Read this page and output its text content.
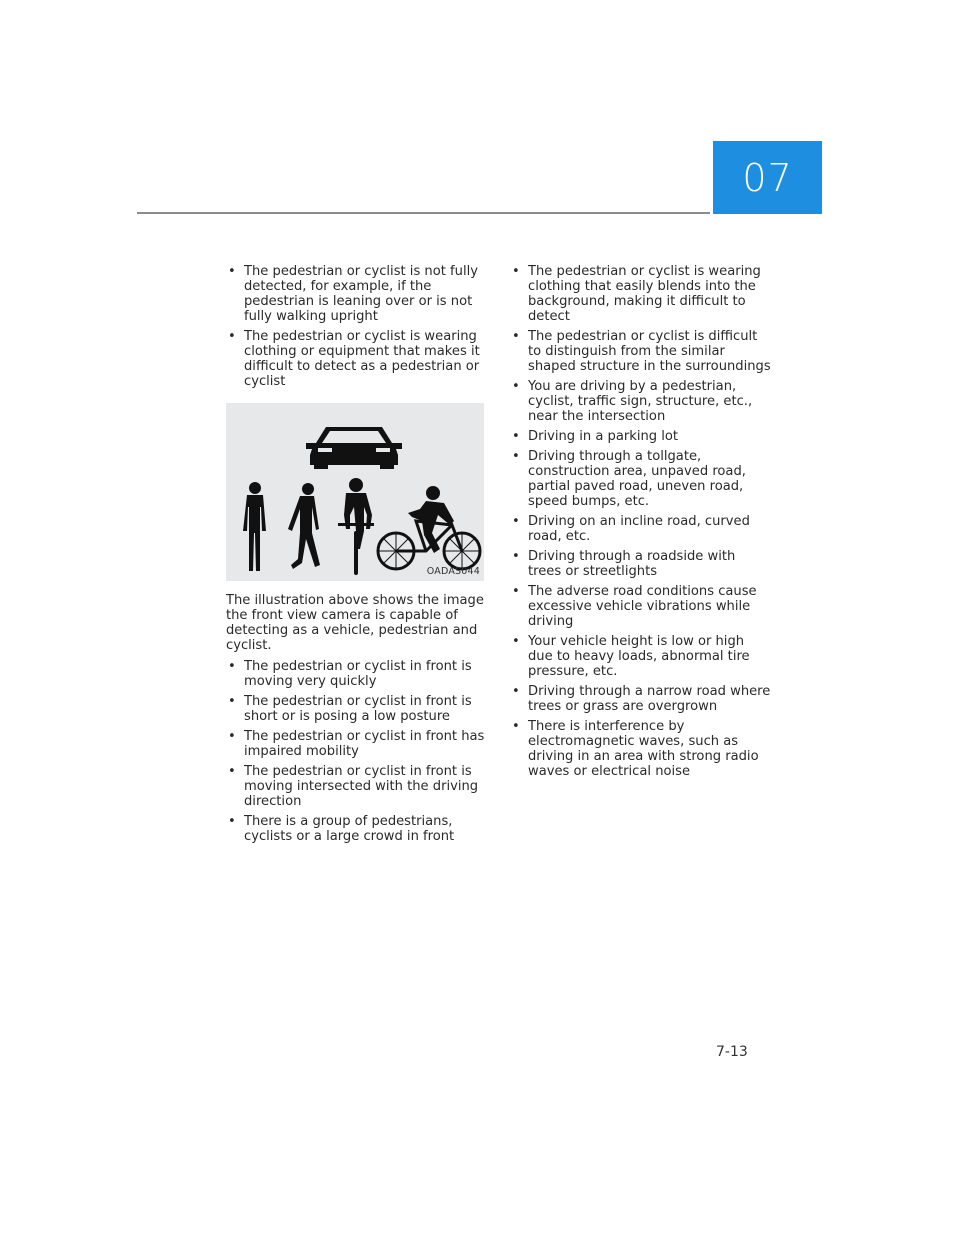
07
• The pedestrian or cyclist is not fully detected, for example, if the pedestrian is leaning over or is not fully walking upright
• The pedestrian or cyclist is wearing clothing or equipment that makes it difficult to detect as a pedestrian or cyclist
OADAS044

The illustration above shows the image the front view camera is capable of detecting as a vehicle, pedestrian and cyclist.

• The pedestrian or cyclist in front is moving very quickly
• The pedestrian or cyclist in front is short or is posing a low posture
• The pedestrian or cyclist in front has impaired mobility
• The pedestrian or cyclist in front is moving intersected with the driving direction
• There is a group of pedestrians, cyclists or a large crowd in front
• The pedestrian or cyclist is wearing clothing that easily blends into the background, making it difficult to detect
• The pedestrian or cyclist is difficult to distinguish from the similar shaped structure in the surroundings
• You are driving by a pedestrian, cyclist, traffic sign, structure, etc., near the intersection
• Driving in a parking lot
• Driving through a tollgate, construction area, unpaved road, partial paved road, uneven road, speed bumps, etc.
• Driving on an incline road, curved road, etc.
• Driving through a roadside with trees or streetlights
• The adverse road conditions cause excessive vehicle vibrations while driving
• Your vehicle height is low or high due to heavy loads, abnormal tire pressure, etc.
• Driving through a narrow road where trees or grass are overgrown
• There is interference by electromagnetic waves, such as driving in an area with strong radio waves or electrical noise
7-13
